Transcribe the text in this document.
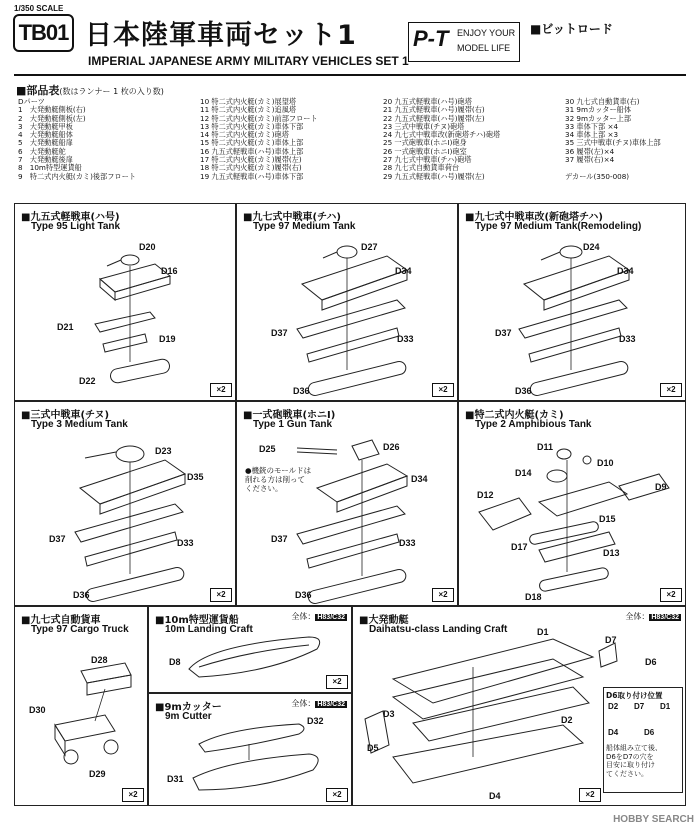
1/350 SCALE
TB01 日本陸軍車両セット1
IMPERIAL JAPANESE ARMY MILITARY VEHICLES SET 1
P-T ENJOY YOUR
MODEL LIFE
■ビットロード
■部品表(数はランナー 1 枚の入り数)
Dパーツ
1　大発動艇側板(右)
2　大発動艇側板(左)
3　大発動艇甲板
4　大発動艇船体
5　大発動艇船扉
6　大発動艇舵
7　大発動艇後扉
8　10m特型運貨船
9　特二式内火艇(カミ)後部フロート
10 特二式内火艇(カミ)展望塔
11 特二式内火艇(カミ)追風塔
12 特二式内火艇(カミ)前部フロート
13 特二式内火艇(カミ)車体下部
14 特二式内火艇(カミ)砲塔
15 特二式内火艇(カミ)車体上部
16 九五式軽戦車(ハ号)車体上部
17 特二式内火艇(カミ)履帯(左)
18 特二式内火艇(カミ)履帯(右)
19 九五式軽戦車(ハ号)車体下部
20 九五式軽戦車(ハ号)砲塔
21 九五式軽戦車(ハ号)履帯(右)
22 九五式軽戦車(ハ号)履帯(左)
23 三式中戦車(チヌ)砲塔
24 九七式中戦車改(新砲塔チハ)砲塔
25 一式砲戦車(ホニI)砲身
26 一式砲戦車(ホニI)砲室
27 九七式中戦車(チハ)砲塔
28 九七式自動貨車荷台
29 九五式軽戦車(ハ号)履帯(左)
30 九七式自動貨車(右)
31 9mカッター船体
32 9mカッター上部
33 車体下部 ×4
34 車体上部 ×3
35 三式中戦車(チヌ)車体上部
36 履帯(左)×4
37 履帯(右)×4

デカール(350-008)
■九五式軽戦車(ハ号)
Type 95 Light Tank
D20
D16
D21
D19
D22
×2
■九七式中戦車(チハ)
Type 97 Medium Tank
D27
D34
D37
D33
D36	×2
■九七式中戦車改(新砲塔チハ)
Type 97 Medium Tank(Remodeling)
D24
D34
D37
D33
D36	×2
■三式中戦車(チヌ)
Type 3 Medium Tank
D23
D35
D37	D33
D36	×2
■一式砲戦車(ホニI)
Type 1 Gun Tank
D25	D26
D34
D37	D33
D36
●機銃のモールドは
削れる方は削って
ください。
×2
■特二式内火艇(カミ)
Type 2 Amphibious Tank
D11
D10
D14
D9
D12
D15
D17
D13
D18	×2
■九七式自動貨車
Type 97 Cargo Truck
D28
D30
D29
×2
■10m特型運貨船
10m Landing Craft
全体： H83/C32
D8
×2
■9mカッター
9m Cutter
全体： H83/C32
D32
D31
×2
■大発動艇
Daihatsu-class Landing Craft
全体： H83/C32
D1
D7
D6
D3
D2
D5
D4
D6取り付け位置
D2 D7 D1
D4	D6
船体組み立て後、
D6をD7の穴を
目安に取り付け
てください。
×2
HOBBY SEARCH
